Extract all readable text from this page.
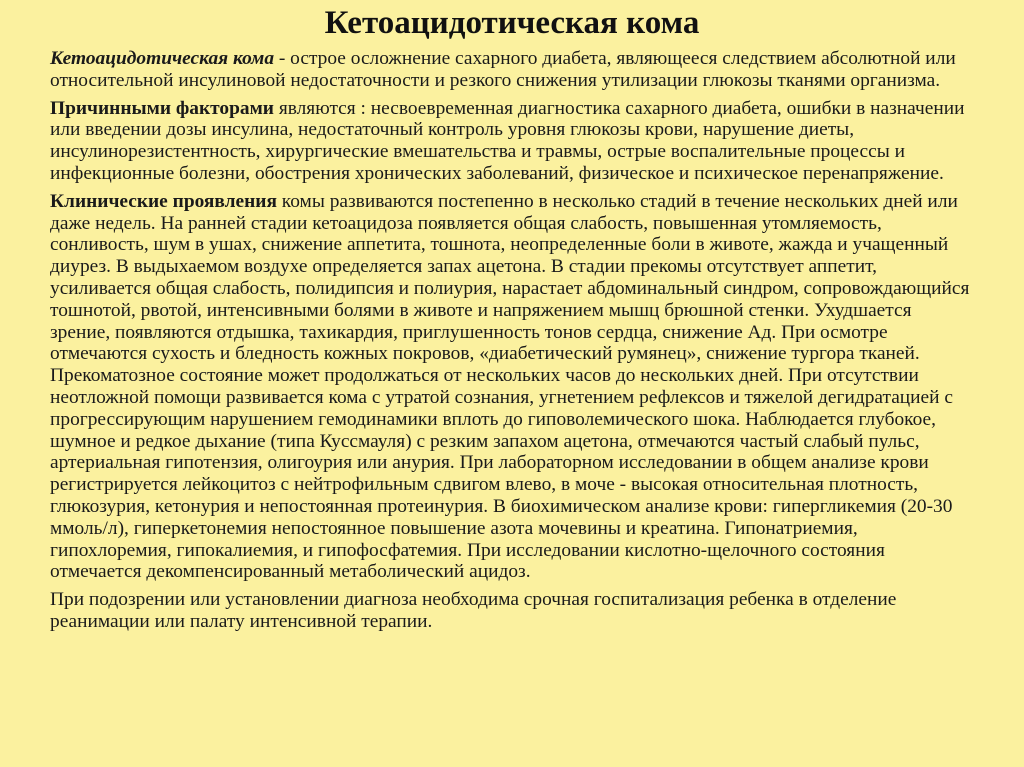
Кетоацидотическая кома

Кетоацидотическая кома - острое осложнение сахарного диабета, являющееся следствием абсолютной или относительной инсулиновой недостаточности и резкого снижения утилизации глюкозы тканями организма.

Причинными факторами являются : несвоевременная диагностика сахарного диабета, ошибки в назначении или введении дозы инсулина, недостаточный контроль уровня глюкозы крови, нарушение диеты, инсулинорезистентность, хирургические вмешательства и травмы, острые воспалительные процессы и инфекционные болезни, обострения хронических заболеваний, физическое и психическое перенапряжение.

Клинические проявления комы развиваются постепенно в несколько стадий в течение нескольких дней или даже недель. На ранней стадии кетоацидоза появляется общая слабость, повышенная утомляемость, сонливость, шум в ушах, снижение аппетита, тошнота, неопределенные боли в животе, жажда и учащенный диурез. В выдыхаемом воздухе определяется запах ацетона. В стадии прекомы отсутствует аппетит, усиливается общая слабость, полидипсия и полиурия, нарастает абдоминальный синдром, сопровождающийся тошнотой, рвотой, интенсивными болями в животе и напряжением мышц брюшной стенки. Ухудшается зрение, появляются отдышка, тахикардия, приглушенность тонов сердца, снижение Ад. При осмотре отмечаются сухость и бледность кожных покровов, «диабетический румянец», снижение тургора тканей. Прекоматозное состояние может продолжаться от нескольких часов до нескольких дней. При отсутствии неотложной помощи развивается кома с утратой сознания, угнетением рефлексов и тяжелой дегидратацией с прогрессирующим нарушением гемодинамики вплоть до гиповолемического шока. Наблюдается глубокое, шумное и редкое дыхание (типа Куссмауля) с резким запахом ацетона, отмечаются частый слабый пульс, артериальная гипотензия, олигоурия или анурия. При лабораторном исследовании в общем анализе крови регистрируется лейкоцитоз с нейтрофильным сдвигом влево, в моче - высокая относительная плотность, глюкозурия, кетонурия и непостоянная протеинурия. В биохимическом анализе крови: гипергликемия (20-30 ммоль/л), гиперкетонемия непостоянное повышение азота мочевины и креатина. Гипонатриемия, гипохлоремия, гипокалиемия, и гипофосфатемия. При исследовании кислотно-щелочного состояния отмечается декомпенсированный метаболический ацидоз.

При подозрении или установлении диагноза необходима срочная госпитализация ребенка в отделение реанимации или палату интенсивной терапии.
